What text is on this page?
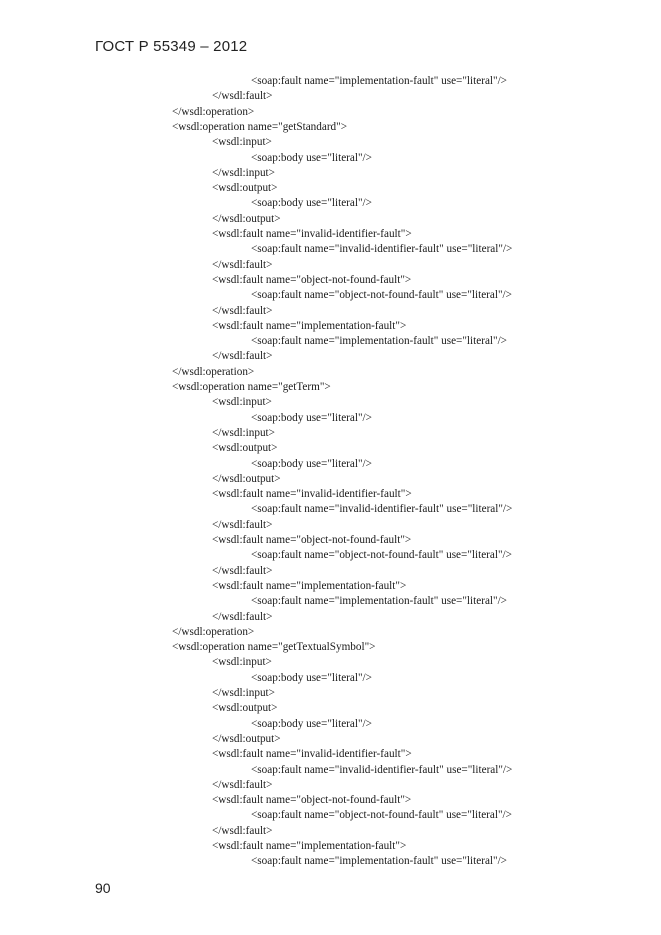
ГОСТ Р 55349 – 2012
<soap:fault name="implementation-fault" use="literal"/>
</wsdl:fault>
</wsdl:operation>
<wsdl:operation name="getStandard">
<wsdl:input>
<soap:body use="literal"/>
</wsdl:input>
<wsdl:output>
<soap:body use="literal"/>
</wsdl:output>
<wsdl:fault name="invalid-identifier-fault">
<soap:fault name="invalid-identifier-fault" use="literal"/>
</wsdl:fault>
<wsdl:fault name="object-not-found-fault">
<soap:fault name="object-not-found-fault" use="literal"/>
</wsdl:fault>
<wsdl:fault name="implementation-fault">
<soap:fault name="implementation-fault" use="literal"/>
</wsdl:fault>
</wsdl:operation>
<wsdl:operation name="getTerm">
<wsdl:input>
<soap:body use="literal"/>
</wsdl:input>
<wsdl:output>
<soap:body use="literal"/>
</wsdl:output>
<wsdl:fault name="invalid-identifier-fault">
<soap:fault name="invalid-identifier-fault" use="literal"/>
</wsdl:fault>
<wsdl:fault name="object-not-found-fault">
<soap:fault name="object-not-found-fault" use="literal"/>
</wsdl:fault>
<wsdl:fault name="implementation-fault">
<soap:fault name="implementation-fault" use="literal"/>
</wsdl:fault>
</wsdl:operation>
<wsdl:operation name="getTextualSymbol">
<wsdl:input>
<soap:body use="literal"/>
</wsdl:input>
<wsdl:output>
<soap:body use="literal"/>
</wsdl:output>
<wsdl:fault name="invalid-identifier-fault">
<soap:fault name="invalid-identifier-fault" use="literal"/>
</wsdl:fault>
<wsdl:fault name="object-not-found-fault">
<soap:fault name="object-not-found-fault" use="literal"/>
</wsdl:fault>
<wsdl:fault name="implementation-fault">
<soap:fault name="implementation-fault" use="literal"/>
90
